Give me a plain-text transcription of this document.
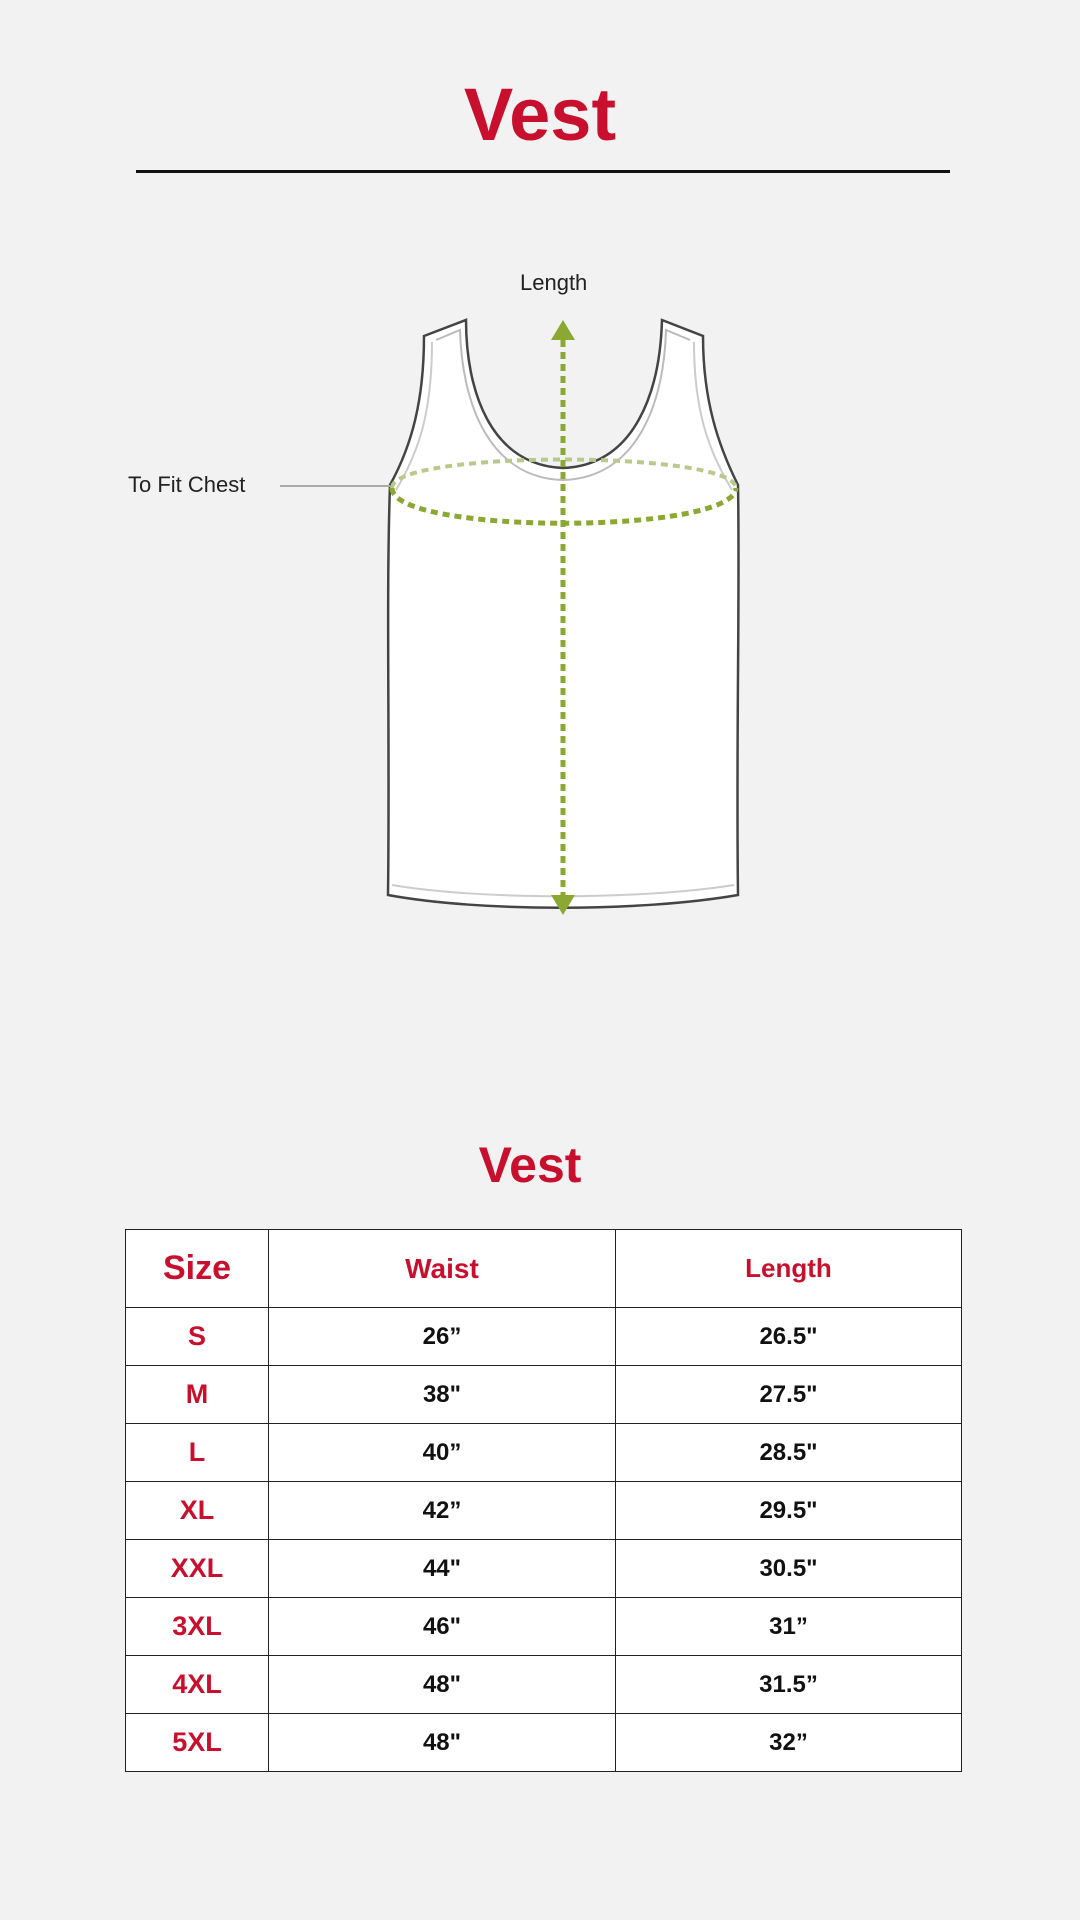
Vest
Length
To Fit Chest
Vest
Size	Waist	Length
S	26”	26.5"
M	38"	27.5"
L	40”	28.5"
XL	42”	29.5"
XXL	44"	30.5"
3XL	46"	31”
4XL	48"	31.5”
5XL	48"	32”
